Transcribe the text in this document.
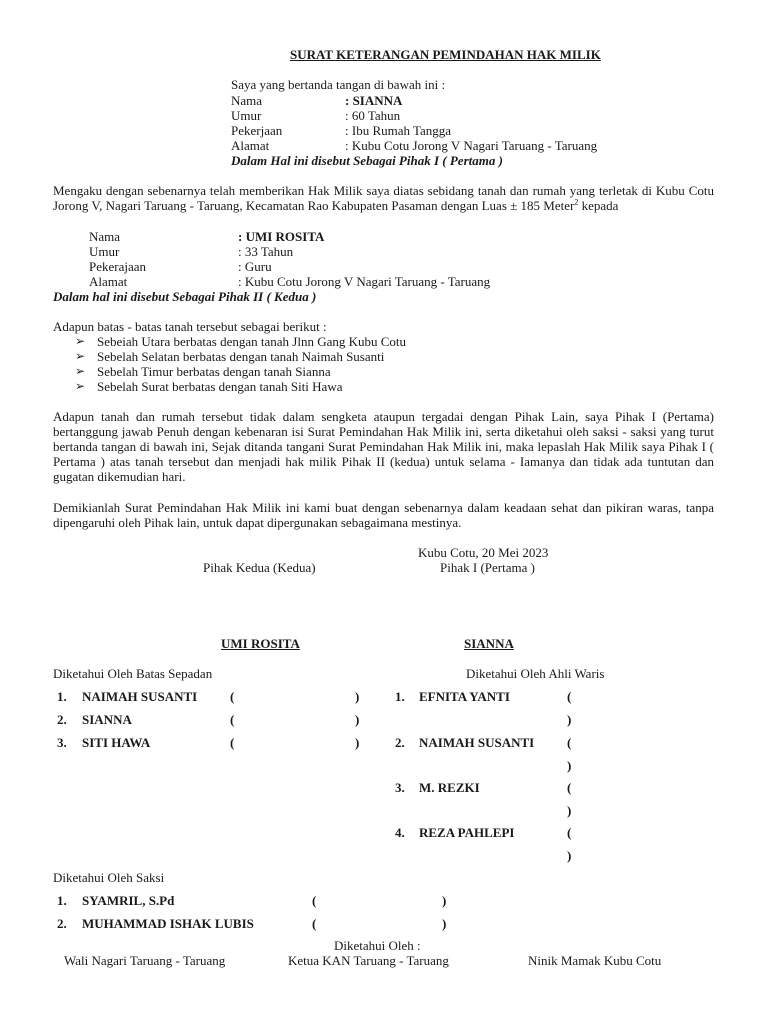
SURAT KETERANGAN PEMINDAHAN HAK MILIK
Saya yang bertanda tangan di bawah ini :
Nama	: SIANNA
Umur	: 60 Tahun
Pekerjaan	: Ibu Rumah Tangga
Alamat	: Kubu Cotu Jorong V Nagari Taruang - Taruang
Dalam Hal ini disebut Sebagai Pihak I ( Pertama )
Mengaku dengan sebenarnya telah memberikan Hak Milik saya diatas sebidang tanah dan rumah yang terletak di Kubu Cotu Jorong V, Nagari Taruang - Taruang, Kecamatan Rao Kabupaten Pasaman dengan Luas ± 185 Meter$^2$ kepada
Nama	: UMI ROSITA
Umur	: 33 Tahun
Pekerajaan	: Guru
Alamat	: Kubu Cotu Jorong V Nagari Taruang - Taruang
Dalam hal ini disebut Sebagai Pihak II ( Kedua )
Adapun batas - batas tanah tersebut sebagai berikut :
➢ Sebeiah Utara berbatas dengan tanah Jlnn Gang Kubu Cotu
➢ Sebelah Selatan berbatas dengan tanah Naimah Susanti
➢ Sebelah Timur berbatas dengan tanah Sianna
➢ Sebelah Surat berbatas dengan tanah Siti Hawa
Adapun tanah dan rumah tersebut tidak dalam sengketa ataupun tergadai dengan Pihak Lain, saya Pihak I (Pertama) bertanggung jawab Penuh dengan kebenaran isi Surat Pemindahan Hak Milik ini, serta diketahui oleh saksi - saksi yang turut bertanda tangan di bawah ini, Sejak ditanda tangani Surat Pemindahan Hak Milik ini, maka lepaslah Hak Milik saya Pihak I ( Pertama ) atas tanah tersebut dan menjadi hak milik Pihak II (kedua) untuk selama - Iamanya dan tidak ada tuntutan dan gugatan dikemudian hari.
Demikianlah Surat Pemindahan Hak Milik ini kami buat dengan sebenarnya dalam keadaan sehat dan pikiran waras, tanpa dipengaruhi oleh Pihak lain, untuk dapat dipergunakan sebagaimana mestinya.
Kubu Cotu, 20 Mei 2023
Pihak Kedua (Kedua)	Pihak I (Pertama )
UMI ROSITA	SIANNA
Diketahui Oleh Batas Sepadan
1. NAIMAH SUSANTI	(	)
2. SIANNA	(	)
3. SITI HAWA	(	)
Diketahui Oleh Ahli Waris
1. EFNITA YANTI	(
)
2. NAIMAH SUSANTI	(
)
3. M. REZKI	(
)
4. REZA PAHLEPI	(
)
Diketahui Oleh Saksi
1. SYAMRIL, S.Pd	(	)
2. MUHAMMAD ISHAK LUBIS	(	)
Diketahui Oleh :
Wali Nagari Taruang - Taruang	Ketua KAN Taruang - Taruang	Ninik Mamak Kubu Cotu
